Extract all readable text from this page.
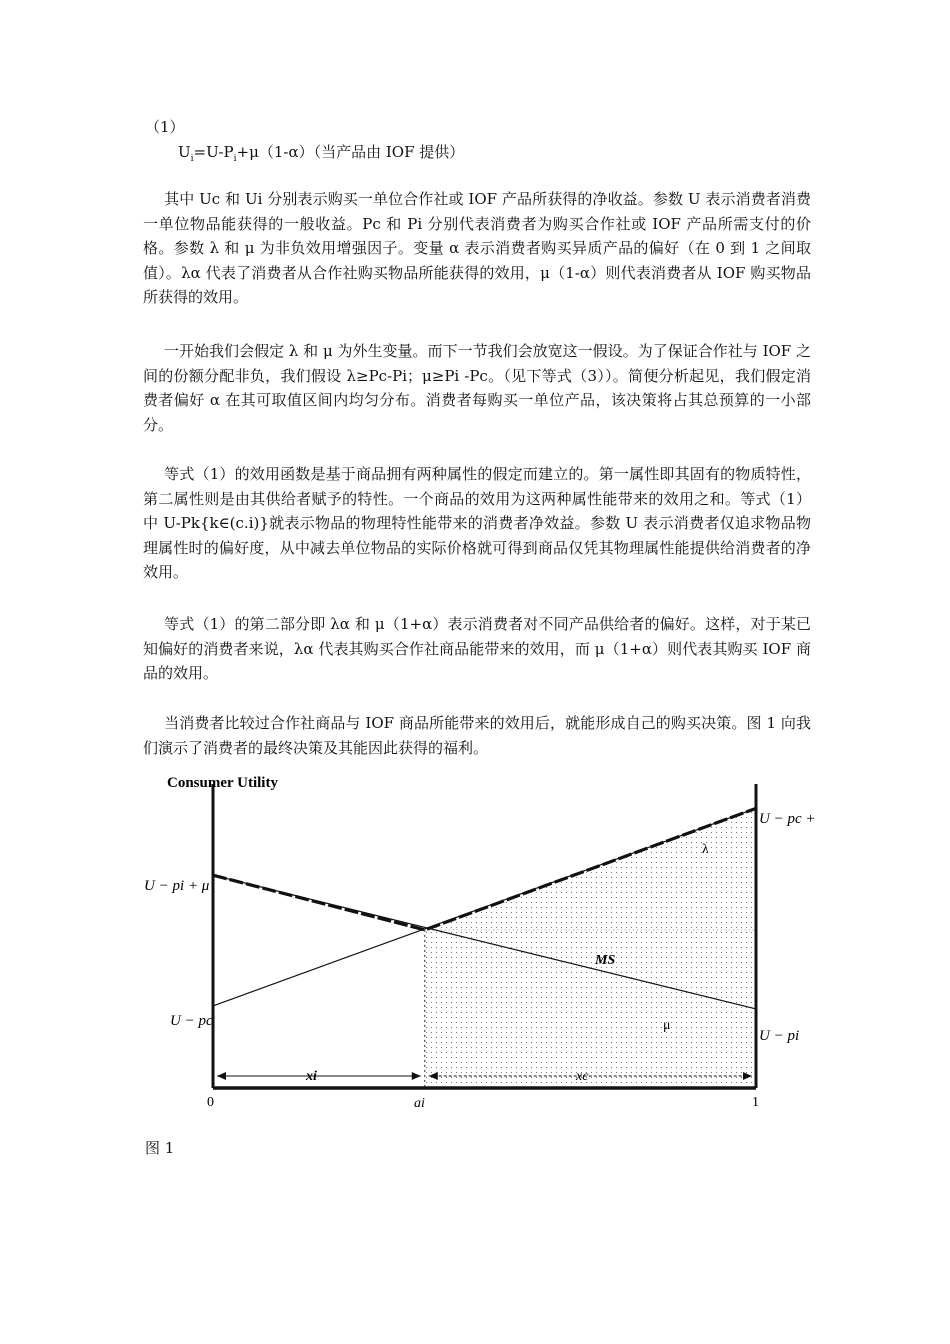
（1）
$U_i=U-P_i+\mu(1-\alpha)$（当产品由 IOF 提供）

其中 Uc 和 Ui 分别表示购买一单位合作社或 IOF 产品所获得的净收益。参数 U 表示消费者消费一单位物品能获得的一般收益。Pc 和 Pi 分别代表消费者为购买合作社或 IOF 产品所需支付的价格。参数 λ 和 μ 为非负效用增强因子。变量 α 表示消费者购买异质产品的偏好（在 0 到 1 之间取值）。λα 代表了消费者从合作社购买物品所能获得的效用，μ（1-α）则代表消费者从 IOF 购买物品所获得的效用。

一开始我们会假定 λ 和 μ 为外生变量。而下一节我们会放宽这一假设。为了保证合作社与 IOF 之间的份额分配非负，我们假设 λ≥Pc-Pi；μ≥Pi -Pc。（见下等式（3））。简便分析起见，我们假定消费者偏好 α 在其可取值区间内均匀分布。消费者每购买一单位产品，该决策将占其总预算的一小部分。

等式（1）的效用函数是基于商品拥有两种属性的假定而建立的。第一属性即其固有的物质特性，第二属性则是由其供给者赋予的特性。一个商品的效用为这两种属性能带来的效用之和。等式（1）中 U-Pk{k∈(c.i)}就表示物品的物理特性能带来的消费者净效益。参数 U 表示消费者仅追求物品物理属性时的偏好度，从中减去单位物品的实际价格就可得到商品仅凭其物理属性能提供给消费者的净效用。

等式（1）的第二部分即 λα 和 μ（1+α）表示消费者对不同产品供给者的偏好。这样，对于某已知偏好的消费者来说，λα 代表其购买合作社商品能带来的效用，而 μ（1+α）则代表其购买 IOF 商品的效用。

当消费者比较过合作社商品与 IOF 商品所能带来的效用后，就能形成自己的购买决策。图 1 向我们演示了消费者的最终决策及其能因此获得的福利。

Consumer Utility
U − pi + μ
U − pc
U − pc +
U − pi
λ
MS
μ
xi	xc
0	ai	1
图 1
